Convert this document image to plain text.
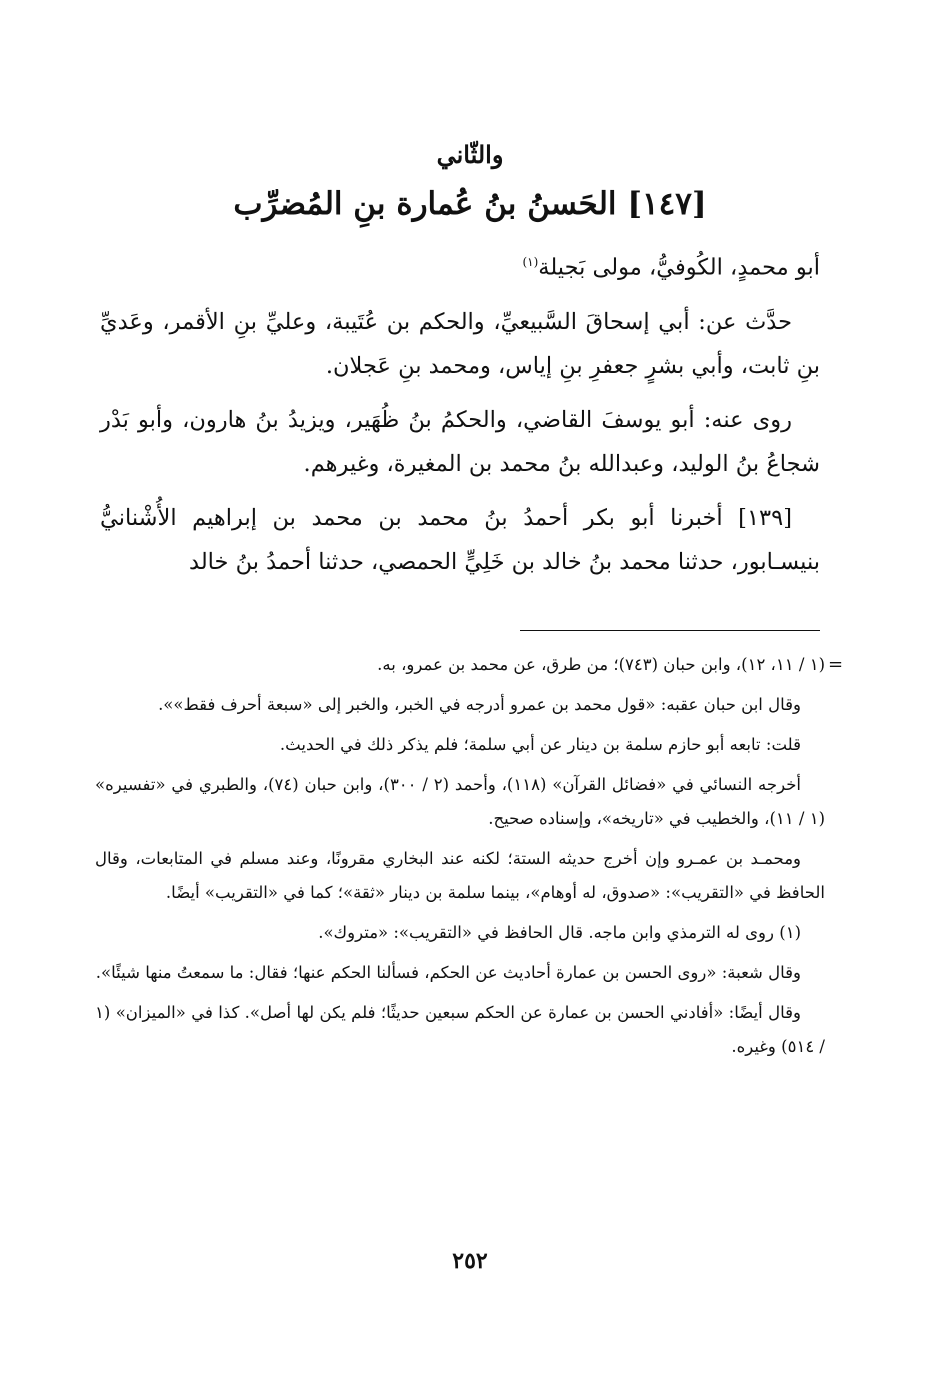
والثّاني
[١٤٧] الحَسنُ بنُ عُمارة بنِ المُضرِّب

أبو محمدٍ، الكُوفيُّ، مولى بَجيلة$^{(١)}$

حدَّث عن: أبي إسحاقَ السَّبيعيِّ، والحكم بن عُتَيبة، وعليِّ بنِ الأقمر، وعَديِّ بنِ ثابت، وأبي بشرٍ جعفرِ بنِ إياس، ومحمد بنِ عَجلان.

روى عنه: أبو يوسفَ القاضي، والحكمُ بنُ ظُهَير، ويزيدُ بنُ هارون، وأبو بَدْر شجاعُ بنُ الوليد، وعبدالله بنُ محمد بن المغيرة، وغيرهم.

[١٣٩] أخبرنا أبو بكر أحمدُ بنُ محمد بن محمد بن إبراهيم الأُشْنانيُّ بنيسـابور، حدثنا محمد بنُ خالد بن خَلِيٍّ الحمصي، حدثنا أحمدُ بنُ خالد

=

(١ / ١١، ١٢)، وابن حبان (٧٤٣)؛ من طرق، عن محمد بن عمرو، به.

وقال ابن حبان عقبه: «قول محمد بن عمرو أدرجه في الخبر، والخبر إلى «سبعة أحرف فقط»».

قلت: تابعه أبو حازم سلمة بن دينار عن أبي سلمة؛ فلم يذكر ذلك في الحديث.

أخرجه النسائي في «فضائل القرآن» (١١٨)، وأحمد (٢ / ٣٠٠)، وابن حبان (٧٤)، والطبري في «تفسيره» (١ / ١١)، والخطيب في «تاريخه»، وإسناده صحيح.

ومحمـد بن عمـرو وإن أخرج حديثه الستة؛ لكنه عند البخاري مقرونًا، وعند مسلم في المتابعات، وقال الحافظ في «التقريب»: «صدوق، له أوهام»، بينما سلمة بن دينار «ثقة»؛ كما في «التقريب» أيضًا.

(١) روى له الترمذي وابن ماجه. قال الحافظ في «التقريب»: «متروك».

وقال شعبة: «روى الحسن بن عمارة أحاديث عن الحكم، فسألنا الحكم عنها؛ فقال: ما سمعتُ منها شيئًا».

وقال أيضًا: «أفادني الحسن بن عمارة عن الحكم سبعين حديثًا؛ فلم يكن لها أصل». كذا في «الميزان» (١ / ٥١٤) وغيره.

٢٥٢
